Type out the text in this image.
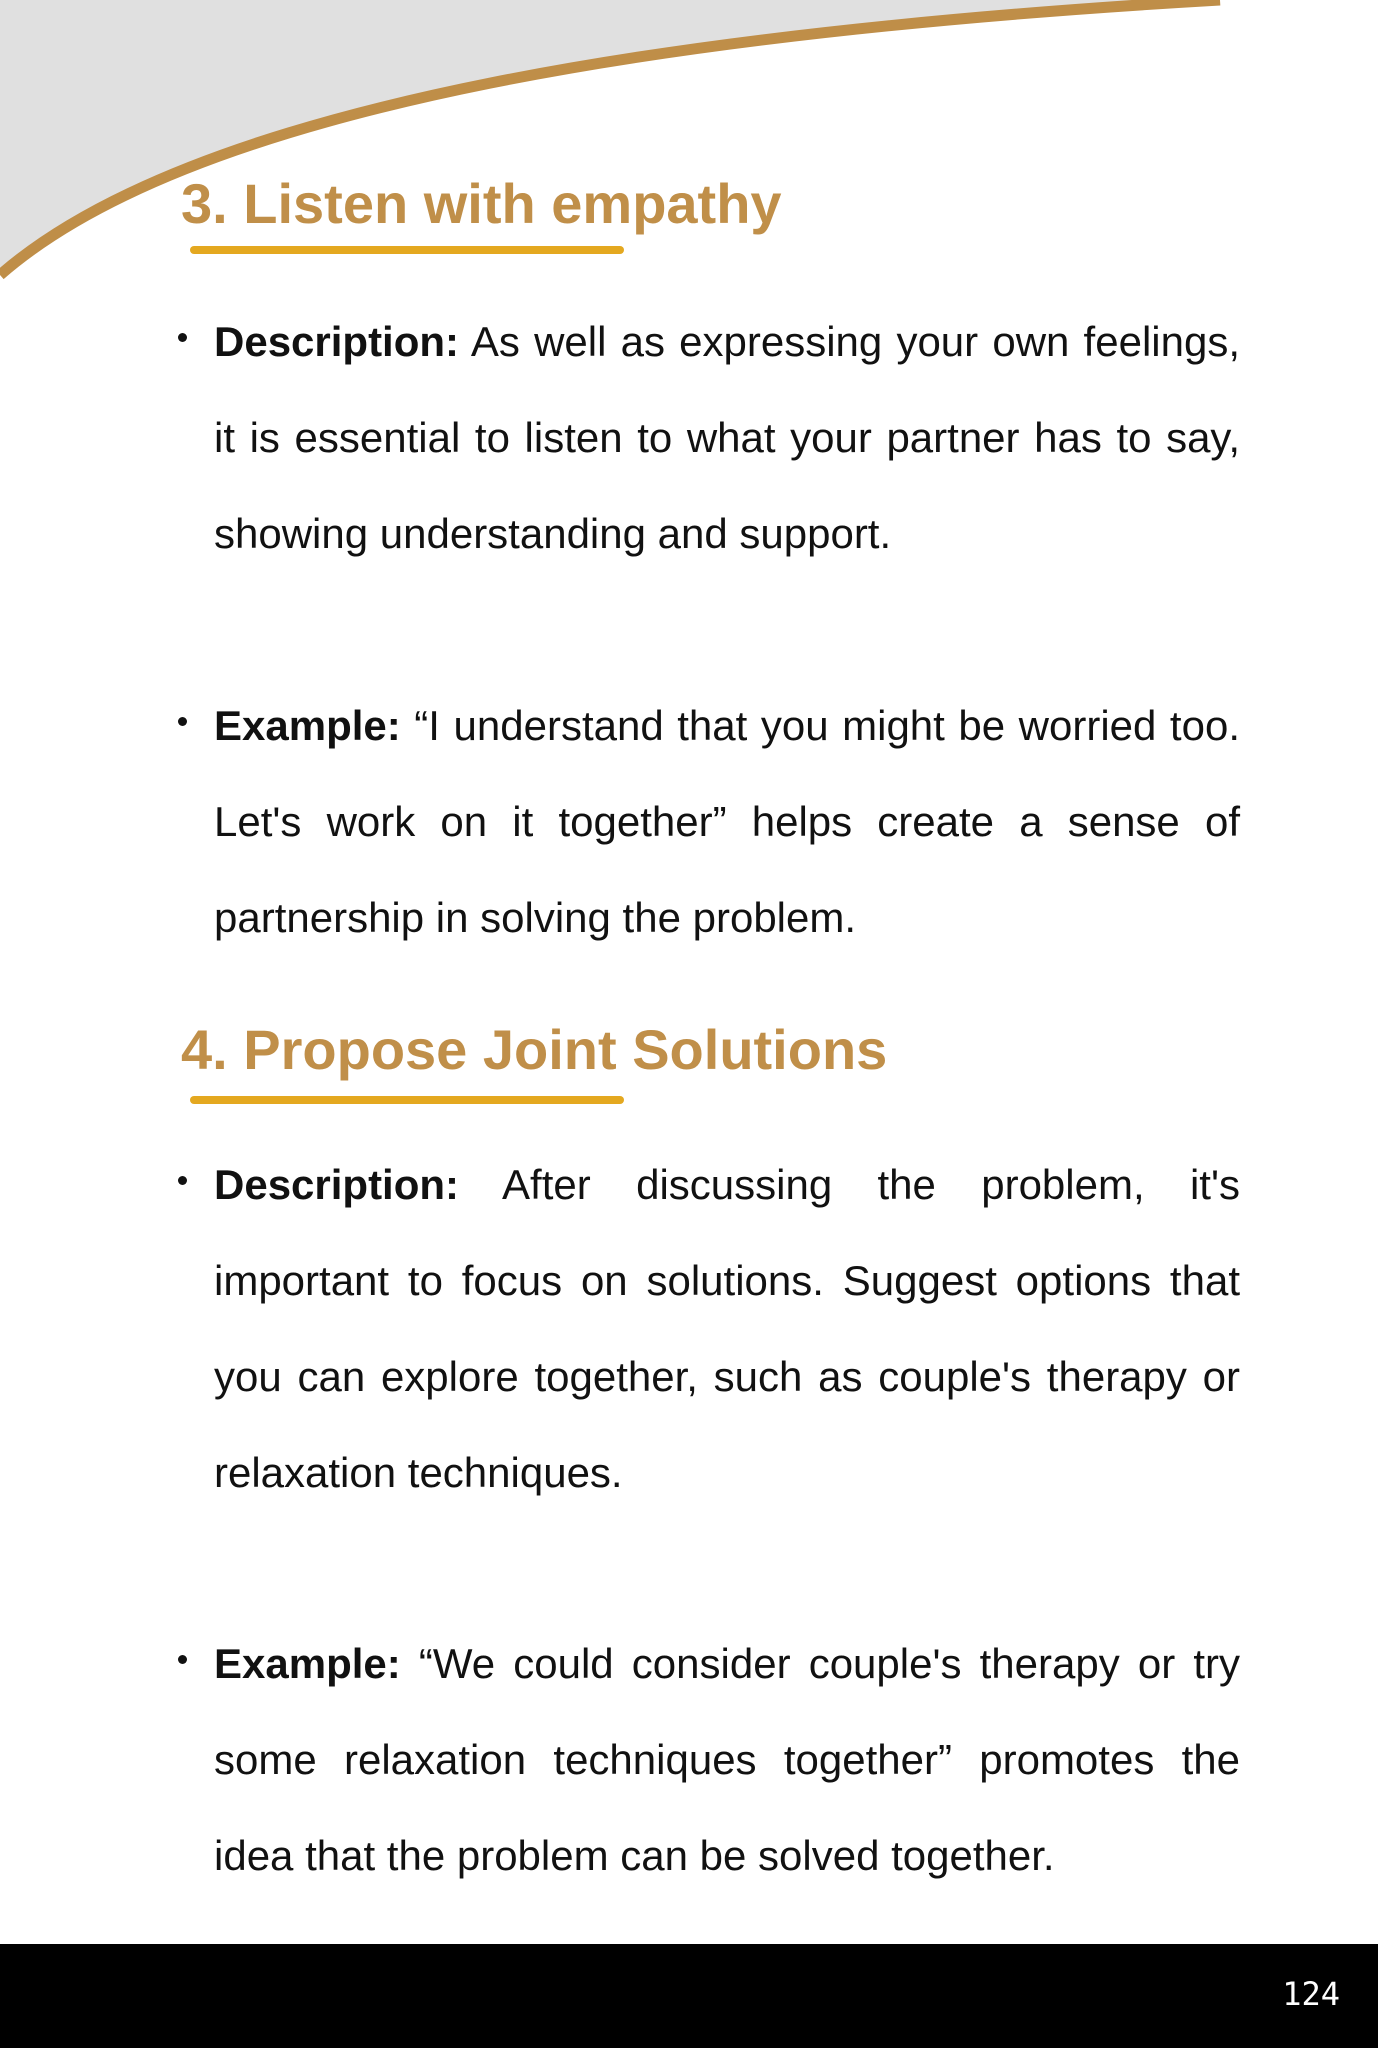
3. Listen with empathy
Description: As well as expressing your own feelings, it is essential to listen to what your partner has to say, showing understanding and support.
Example: “I understand that you might be worried too. Let's work on it together” helps create a sense of partnership in solving the problem.
4. Propose Joint Solutions
Description: After discussing the problem, it's important to focus on solutions. Suggest options that you can explore together, such as couple's therapy or relaxation techniques.
Example: “We could consider couple's therapy or try some relaxation techniques together” promotes the idea that the problem can be solved together.
124
